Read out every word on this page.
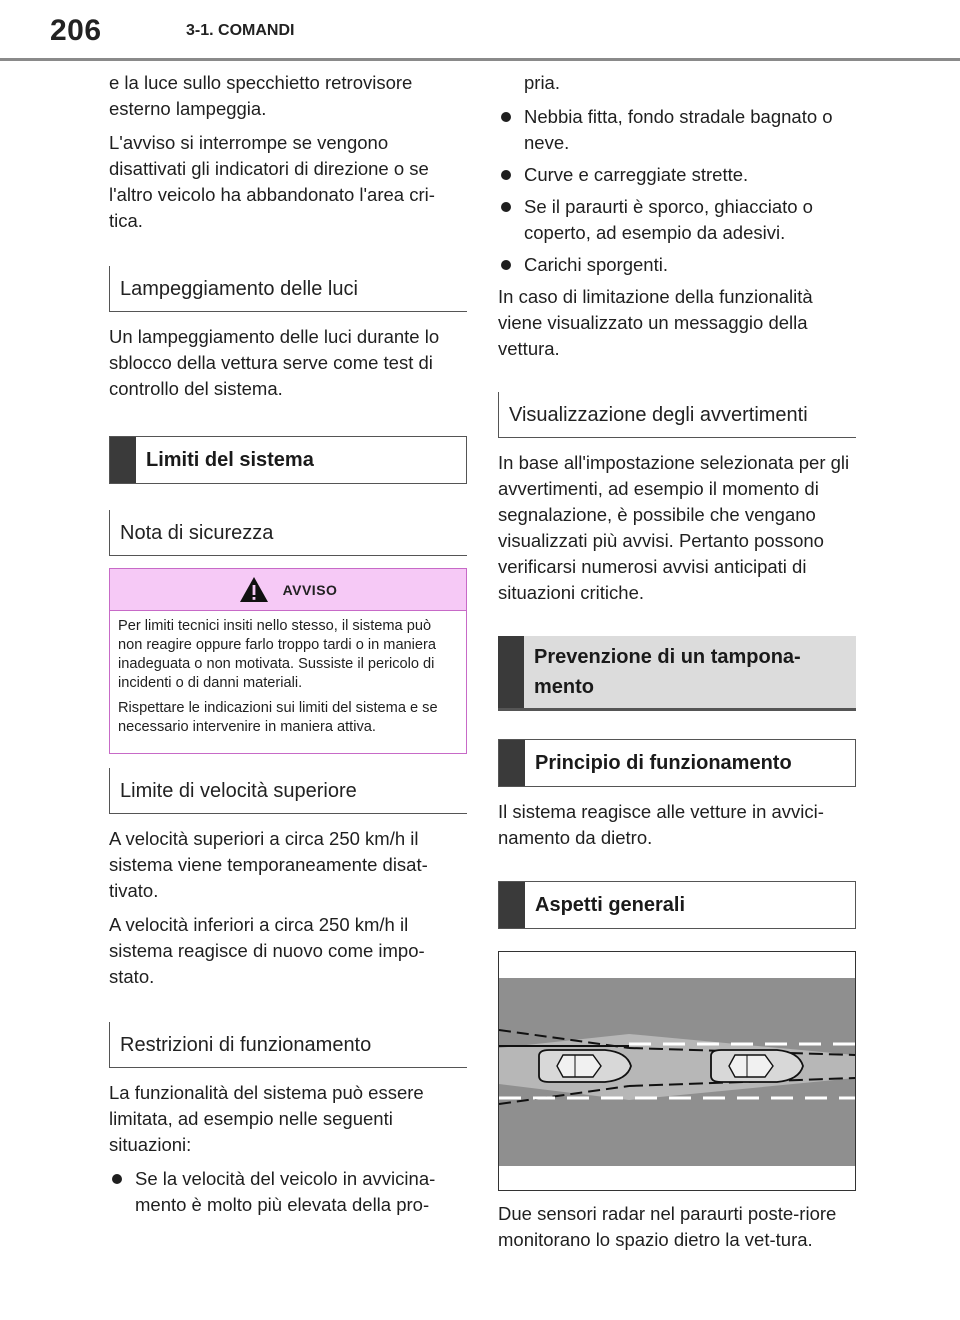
206	3-1. COMANDI

e la luce sullo specchietto retrovisore esterno lampeggia.

L'avviso si interrompe se vengono disattivati gli indicatori di direzione o se l'altro veicolo ha abbandonato l'area cri-tica.

Lampeggiamento delle luci

Un lampeggiamento delle luci durante lo sblocco della vettura serve come test di controllo del sistema.

Limiti del sistema
Nota di sicurezza
AVVISO

Per limiti tecnici insiti nello stesso, il sistema può non reagire oppure farlo troppo tardi o in maniera inadeguata o non motivata. Sussiste il pericolo di incidenti o di danni materiali.

Rispettare le indicazioni sui limiti del sistema e se necessario intervenire in maniera attiva.

Limite di velocità superiore

A velocità superiori a circa 250 km/h il sistema viene temporaneamente disat-tivato.

A velocità inferiori a circa 250 km/h il sistema reagisce di nuovo come impo-stato.

Restrizioni di funzionamento

La funzionalità del sistema può essere limitata, ad esempio nelle seguenti situazioni:

Se la velocità del veicolo in avvicina-mento è molto più elevata della pro-

pria.

Nebbia fitta, fondo stradale bagnato o neve.
Curve e carreggiate strette.
Se il paraurti è sporco, ghiacciato o coperto, ad esempio da adesivi.
Carichi sporgenti.

In caso di limitazione della funzionalità viene visualizzato un messaggio della vettura.

Visualizzazione degli avvertimenti

In base all'impostazione selezionata per gli avvertimenti, ad esempio il momento di segnalazione, è possibile che vengano visualizzati più avvisi. Pertanto possono verificarsi numerosi avvisi anticipati di situazioni critiche.

Prevenzione di un tampona-mento
Principio di funzionamento

Il sistema reagisce alle vetture in avvici-namento da dietro.

Aspetti generali

Due sensori radar nel paraurti poste-riore monitorano lo spazio dietro la vet-tura.
